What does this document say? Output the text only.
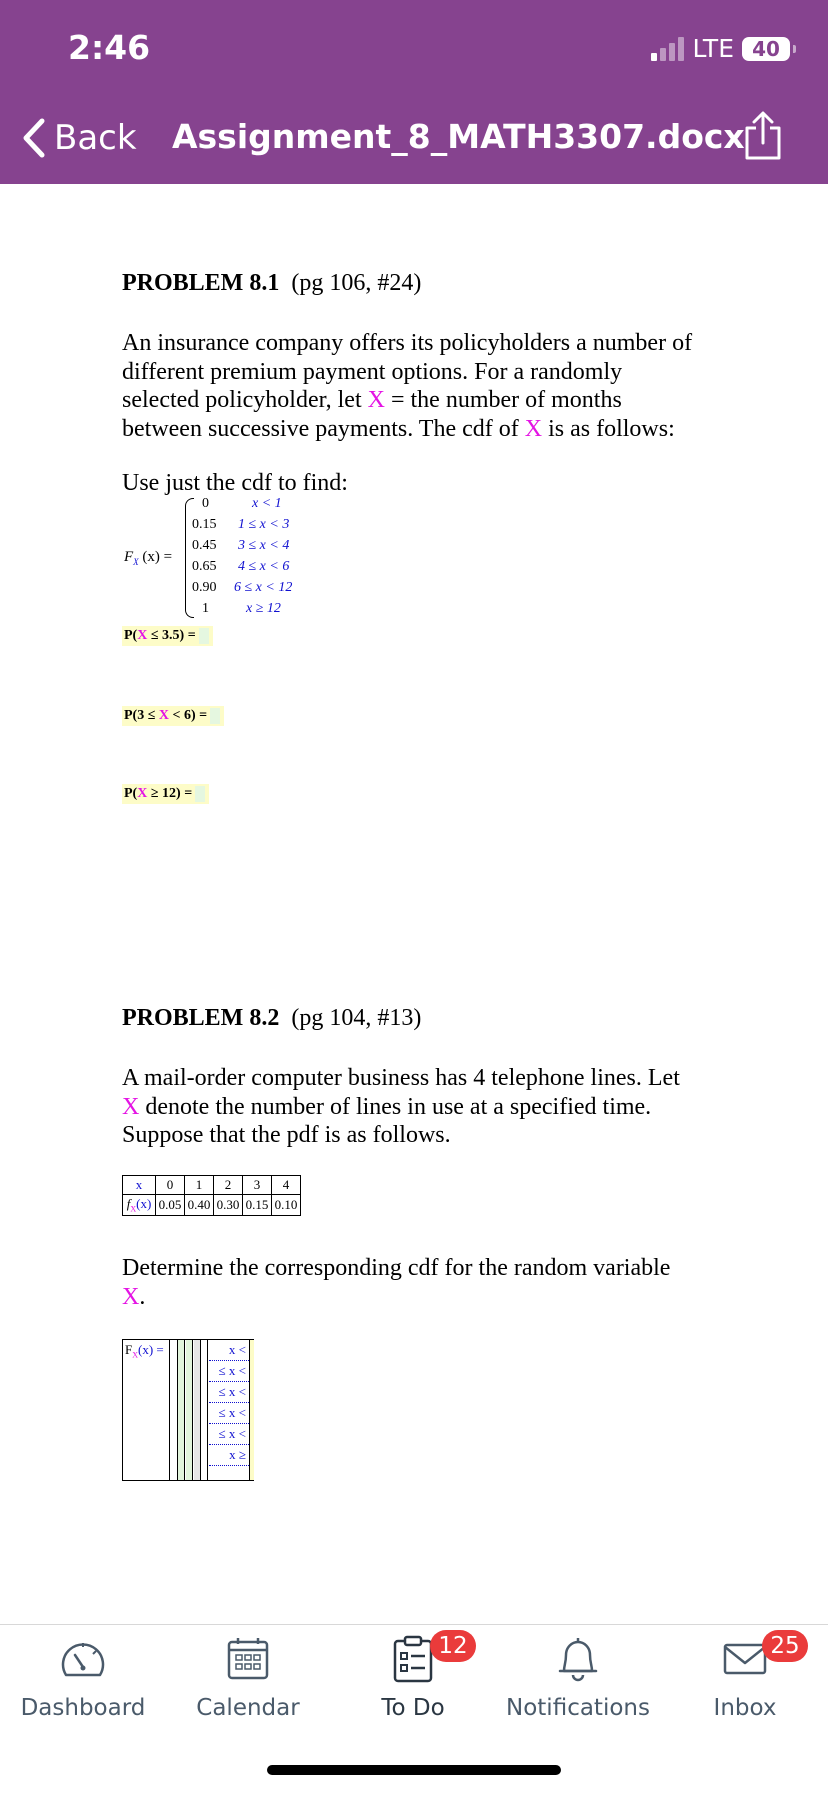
2:46	LTE 40
Back Assignment_8_MATH3307.docx
PROBLEM 8.1 (pg 106, #24)
An insurance company offers its policyholders a number of
different premium payment options. For a randomly
selected policyholder, let X = the number of months
between successive payments. The cdf of X is as follows:
Use just the cdf to find:
$F_X$ (x) =
0	x < 1
0.15 1 ≤ x < 3
0.45 3 ≤ x < 4
0.65 4 ≤ x < 6
0.90 6 ≤ x < 12
1	x ≥ 12
P(X ≤ 3.5) =
P(3 ≤ X < 6) =
P(X ≥ 12) =
PROBLEM 8.2 (pg 104, #13)
A mail-order computer business has 4 telephone lines. Let
X denote the number of lines in use at a specified time.
Suppose that the pdf is as follows.
x	0	1	2	3	4
$f_X(x)$	0.05	0.40	0.30	0.15	0.10
Determine the corresponding cdf for the random variable
X.
$F_X(x)$ =	x <
≤ x <
≤ x <
≤ x <
≤ x <
x ≥
Dashboard	Calendar
12
To Do	Notifications
25
Inbox
